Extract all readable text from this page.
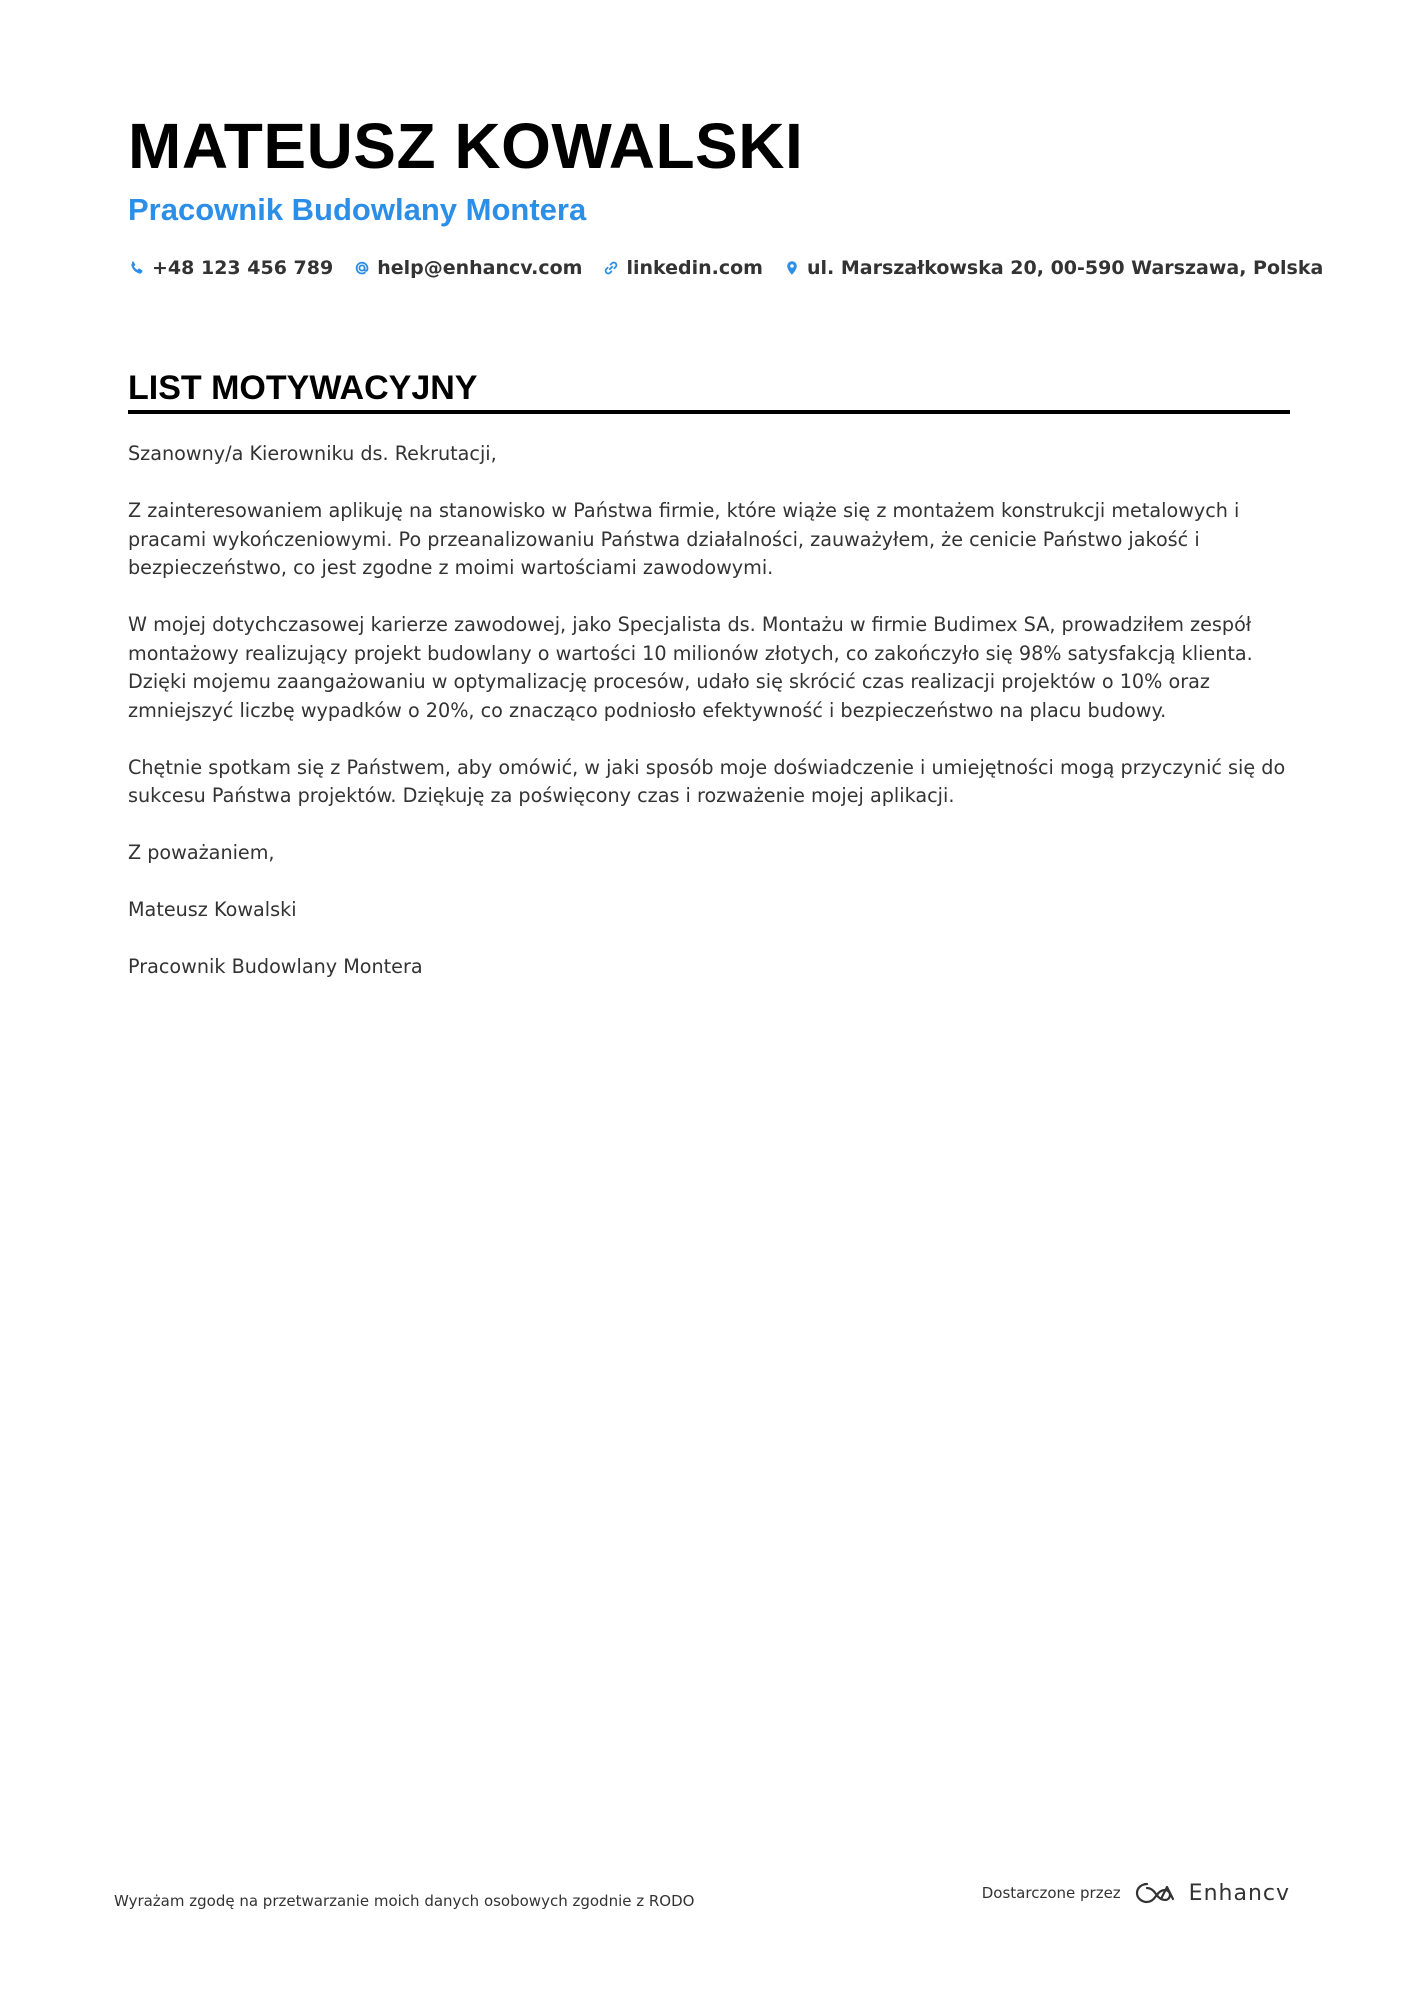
MATEUSZ KOWALSKI
Pracownik Budowlany Montera
+48 123 456 789 help@enhancv.com linkedin.com ul. Marszałkowska 20, 00-590 Warszawa, Polska
LIST MOTYWACYJNY

Szanowny/a Kierowniku ds. Rekrutacji,

Z zainteresowaniem aplikuję na stanowisko w Państwa firmie, które wiąże się z montażem konstrukcji metalowych i pracami wykończeniowymi. Po przeanalizowaniu Państwa działalności, zauważyłem, że cenicie Państwo jakość i bezpieczeństwo, co jest zgodne z moimi wartościami zawodowymi.

W mojej dotychczasowej karierze zawodowej, jako Specjalista ds. Montażu w firmie Budimex SA, prowadziłem zespół montażowy realizujący projekt budowlany o wartości 10 milionów złotych, co zakończyło się 98% satysfakcją klienta. Dzięki mojemu zaangażowaniu w optymalizację procesów, udało się skrócić czas realizacji projektów o 10% oraz zmniejszyć liczbę wypadków o 20%, co znacząco podniosło efektywność i bezpieczeństwo na placu budowy.

Chętnie spotkam się z Państwem, aby omówić, w jaki sposób moje doświadczenie i umiejętności mogą przyczynić się do sukcesu Państwa projektów. Dziękuję za poświęcony czas i rozważenie mojej aplikacji.

Z poważaniem,

Mateusz Kowalski

Pracownik Budowlany Montera

Wyrażam zgodę na przetwarzanie moich danych osobowych zgodnie z RODO	Dostarczone przez	Enhancv
